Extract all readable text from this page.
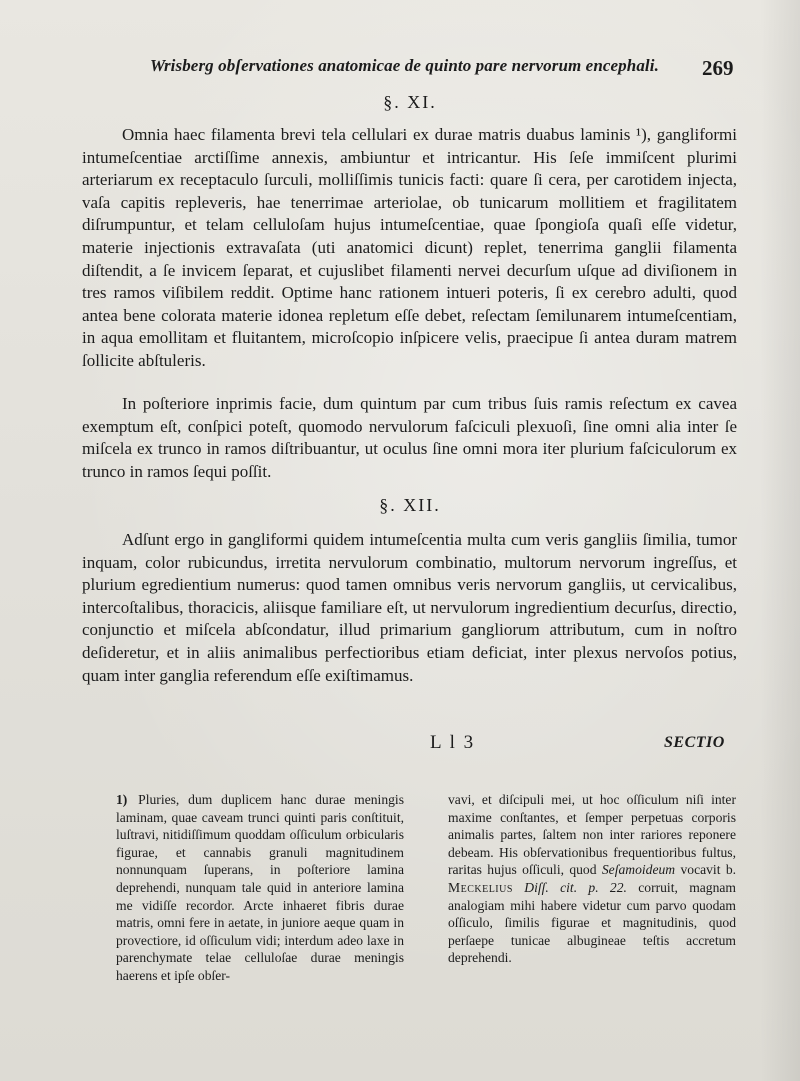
Wrisberg obſervationes anatomicae de quinto pare nervorum encephali.	269
§. XI.

Omnia haec filamenta brevi tela cellulari ex durae matris duabus laminis ¹), gangliformi intumeſcentiae arctiſſime annexis, ambiuntur et intricantur. His ſeſe immiſcent plurimi arteriarum ex receptaculo ſurculi, molliſſimis tunicis facti: quare ſi cera, per carotidem injecta, vaſa capitis repleveris, hae tenerrimae arteriolae, ob tunicarum mollitiem et fragilitatem diſrumpuntur, et telam celluloſam hujus intumeſcentiae, quae ſpongioſa quaſi eſſe videtur, materie injectionis extravaſata (uti anatomici dicunt) replet, tenerrima ganglii filamenta diſtendit, a ſe invicem ſeparat, et cujuslibet filamenti nervei decurſum uſque ad diviſionem in tres ramos viſibilem reddit. Optime hanc rationem intueri poteris, ſi ex cerebro adulti, quod antea bene colorata materie idonea repletum eſſe debet, reſectam ſemilunarem intumeſcentiam, in aqua emollitam et fluitantem, microſcopio inſpicere velis, praecipue ſi antea duram matrem ſollicite abſtuleris.

In poſteriore inprimis facie, dum quintum par cum tribus ſuis ramis reſectum ex cavea exemptum eſt, conſpici poteſt, quomodo nervulorum faſciculi plexuoſi, ſine omni alia inter ſe miſcela ex trunco in ramos diſtribuantur, ut oculus ſine omni mora iter plurium faſciculorum ex trunco in ramos ſequi poſſit.

§. XII.

Adſunt ergo in gangliformi quidem intumeſcentia multa cum veris gangliis ſimilia, tumor inquam, color rubicundus, irretita nervulorum combinatio, multorum nervorum ingreſſus, et plurium egredientium numerus: quod tamen omnibus veris nervorum gangliis, ut cervicalibus, intercoſtalibus, thoracicis, aliisque familiare eſt, ut nervulorum ingredientium decurſus, directio, conjunctio et miſcela abſcondatur, illud primarium gangliorum attributum, cum in noſtro deſideretur, et in aliis animalibus perfectioribus etiam deficiat, inter plexus nervoſos potius, quam inter ganglia referendum eſſe exiſtimamus.

L l 3	SECTIO
1) Pluries, dum duplicem hanc durae meningis laminam, quae caveam trunci quinti paris conſtituit, luſtravi, nitidiſſimum quoddam oſſiculum orbicularis figurae, et cannabis granuli magnitudinem nonnunquam ſuperans, in poſteriore lamina deprehendi, nunquam tale quid in anteriore lamina me vidiſſe recordor. Arcte inhaeret fibris durae matris, omni fere in aetate, in juniore aeque quam in provectiore, id oſſiculum vidi; interdum adeo laxe in parenchymate telae celluloſae durae meningis haerens et ipſe obſer-
vavi, et diſcipuli mei, ut hoc oſſiculum niſi inter maxime conſtantes, et ſemper perpetuas corporis animalis partes, ſaltem non inter rariores reponere debeam. His obſervationibus frequentioribus fultus, raritas hujus oſſiculi, quod Seſamoideum vocavit b. Meckelius Diſſ. cit. p. 22. corruit, magnam analogiam mihi habere videtur cum parvo quodam oſſiculo, ſimilis figurae et magnitudinis, quod perſaepe tunicae albugineae teſtis accretum deprehendi.
